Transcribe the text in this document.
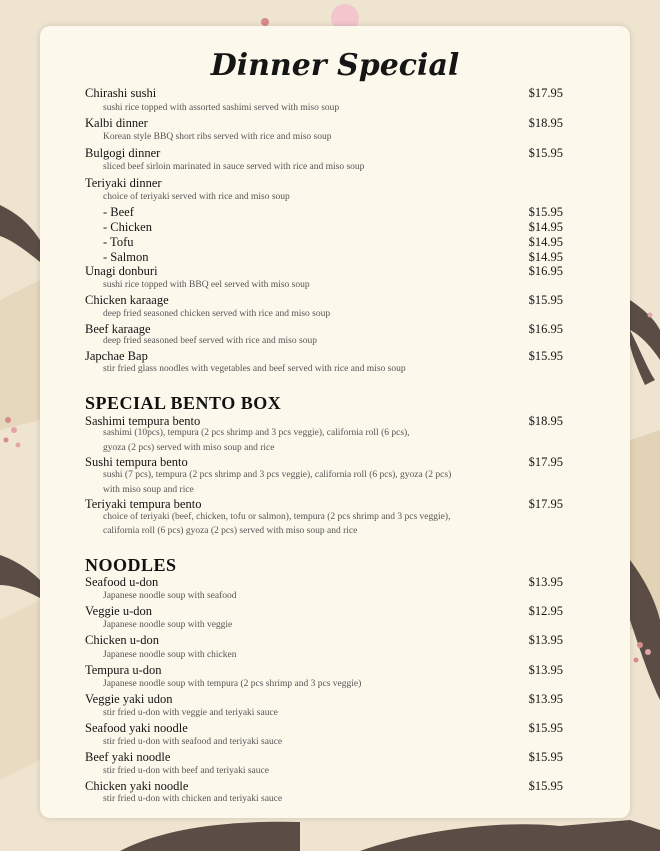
Dinner Special
Chirashi sushi	$17.95
sushi rice topped with assorted sashimi served with miso soup
Kalbi dinner	$18.95
Korean style BBQ short ribs served with rice and miso soup
Bulgogi dinner	$15.95
sliced beef sirloin marinated in sauce served with rice and miso soup
Teriyaki dinner
choice of teriyaki served with rice and miso soup
- Beef	$15.95
- Chicken	$14.95
- Tofu	$14.95
- Salmon	$14.95
Unagi donburi	$16.95
sushi rice topped with BBQ eel served with miso soup
Chicken karaage	$15.95
deep fried seasoned chicken served with rice and miso soup
Beef karaage	$16.95
deep fried seasoned beef served with rice and miso soup
Japchae Bap	$15.95
stir fried glass noodles with vegetables and beef served with rice and miso soup
SPECIAL BENTO BOX
Sashimi tempura bento	$18.95
sashimi (10pcs), tempura (2 pcs shrimp and 3 pcs veggie), california roll (6 pcs),
gyoza (2 pcs) served with miso soup and rice
Sushi tempura bento	$17.95
sushi (7 pcs), tempura (2 pcs shrimp and 3 pcs veggie), california roll (6 pcs), gyoza (2 pcs)
with miso soup and rice
Teriyaki tempura bento	$17.95
choice of teriyaki (beef, chicken, tofu or salmon), tempura (2 pcs shrimp and 3 pcs veggie),
california roll (6 pcs) gyoza (2 pcs) served with miso soup and rice
NOODLES
Seafood u-don	$13.95
Japanese noodle soup with seafood
Veggie u-don	$12.95
Japanese noodle soup with veggie
Chicken u-don	$13.95
Japanese noodle soup with chicken
Tempura u-don	$13.95
Japanese noodle soup with tempura (2 pcs shrimp and 3 pcs veggie)
Veggie yaki udon	$13.95
stir fried u-don with veggie and teriyaki sauce
Seafood yaki noodle	$15.95
stir fried u-don with seafood and teriyaki sauce
Beef yaki noodle	$15.95
stir fried u-don with beef and teriyaki sauce
Chicken yaki noodle	$15.95
stir fried u-don with chicken and teriyaki sauce
